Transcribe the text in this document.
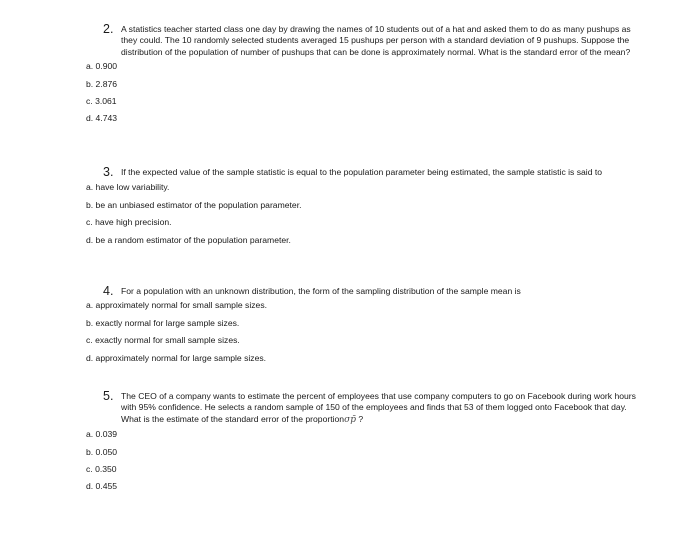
2. A statistics teacher started class one day by drawing the names of 10 students out of a hat and asked them to do as many pushups as they could. The 10 randomly selected students averaged 15 pushups per person with a standard deviation of 9 pushups. Suppose the distribution of the population of number of pushups that can be done is approximately normal. What is the standard error of the mean?
a. 0.900
b. 2.876
c. 3.061
d. 4.743
3. If the expected value of the sample statistic is equal to the population parameter being estimated, the sample statistic is said to
a. have low variability.
b. be an unbiased estimator of the population parameter.
c. have high precision.
d. be a random estimator of the population parameter.
4. For a population with an unknown distribution, the form of the sampling distribution of the sample mean is
a. approximately normal for small sample sizes.
b. exactly normal for large sample sizes.
c. exactly normal for small sample sizes.
d. approximately normal for large sample sizes.
5. The CEO of a company wants to estimate the percent of employees that use company computers to go on Facebook during work hours with 95% confidence. He selects a random sample of 150 of the employees and finds that 53 of them logged onto Facebook that day. What is the estimate of the standard error of the proportionσp̄ ?
a. 0.039
b. 0.050
c. 0.350
d. 0.455
